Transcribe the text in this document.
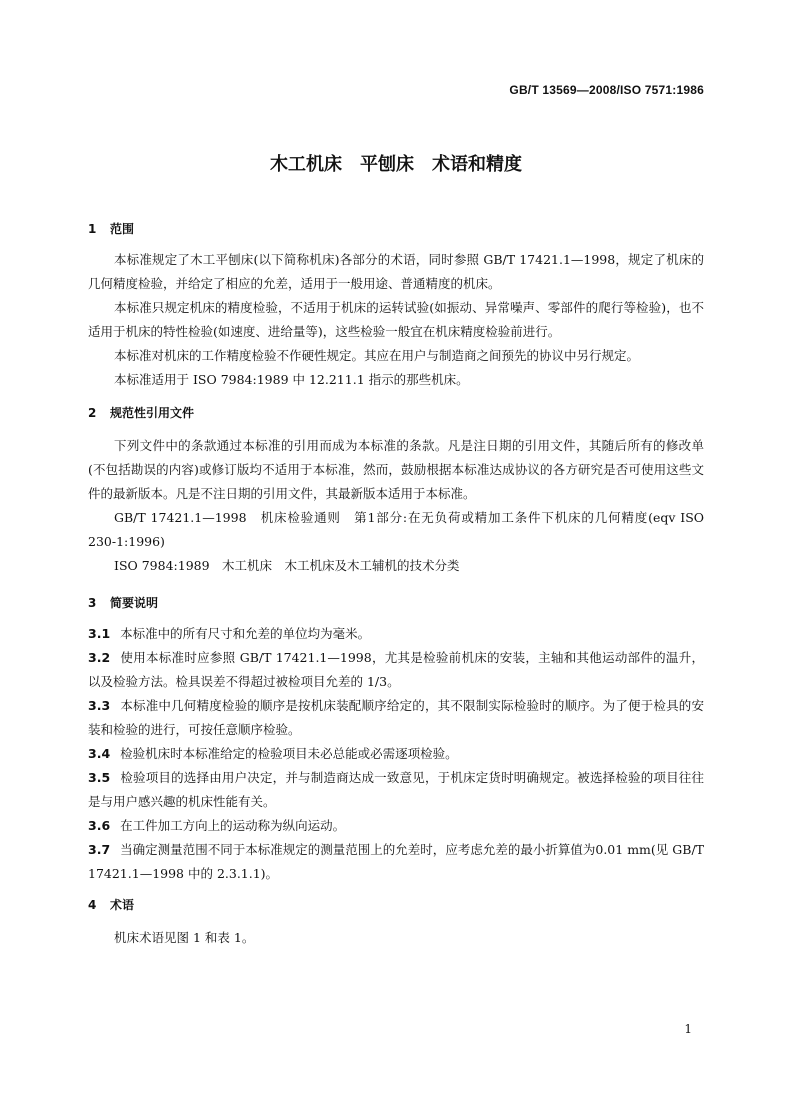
GB/T 13569—2008/ISO 7571:1986
木工机床　平刨床　术语和精度
1 范围

本标准规定了木工平刨床(以下简称机床)各部分的术语，同时参照 GB/T 17421.1—1998，规定了机床的几何精度检验，并给定了相应的允差，适用于一般用途、普通精度的机床。

本标准只规定机床的精度检验，不适用于机床的运转试验(如振动、异常噪声、零部件的爬行等检验)，也不适用于机床的特性检验(如速度、进给量等)，这些检验一般宜在机床精度检验前进行。

本标准对机床的工作精度检验不作硬性规定。其应在用户与制造商之间预先的协议中另行规定。

本标准适用于 ISO 7984:1989 中 12.211.1 指示的那些机床。

2 规范性引用文件

下列文件中的条款通过本标准的引用而成为本标准的条款。凡是注日期的引用文件，其随后所有的修改单(不包括勘误的内容)或修订版均不适用于本标准，然而，鼓励根据本标准达成协议的各方研究是否可使用这些文件的最新版本。凡是不注日期的引用文件，其最新版本适用于本标准。

GB/T 17421.1—1998　机床检验通则　第1部分:在无负荷或精加工条件下机床的几何精度(eqv ISO 230-1:1996)

ISO 7984:1989　木工机床　木工机床及木工辅机的技术分类

3 简要说明

3.1 本标准中的所有尺寸和允差的单位均为毫米。

3.2 使用本标准时应参照 GB/T 17421.1—1998，尤其是检验前机床的安装，主轴和其他运动部件的温升，以及检验方法。检具误差不得超过被检项目允差的 1/3。

3.3 本标准中几何精度检验的顺序是按机床装配顺序给定的，其不限制实际检验时的顺序。为了便于检具的安装和检验的进行，可按任意顺序检验。

3.4 检验机床时本标准给定的检验项目未必总能或必需逐项检验。

3.5 检验项目的选择由用户决定，并与制造商达成一致意见，于机床定货时明确规定。被选择检验的项目往往是与用户感兴趣的机床性能有关。

3.6 在工件加工方向上的运动称为纵向运动。

3.7 当确定测量范围不同于本标准规定的测量范围上的允差时，应考虑允差的最小折算值为0.01 mm(见 GB/T 17421.1—1998 中的 2.3.1.1)。

4 术语

机床术语见图 1 和表 1。

1
